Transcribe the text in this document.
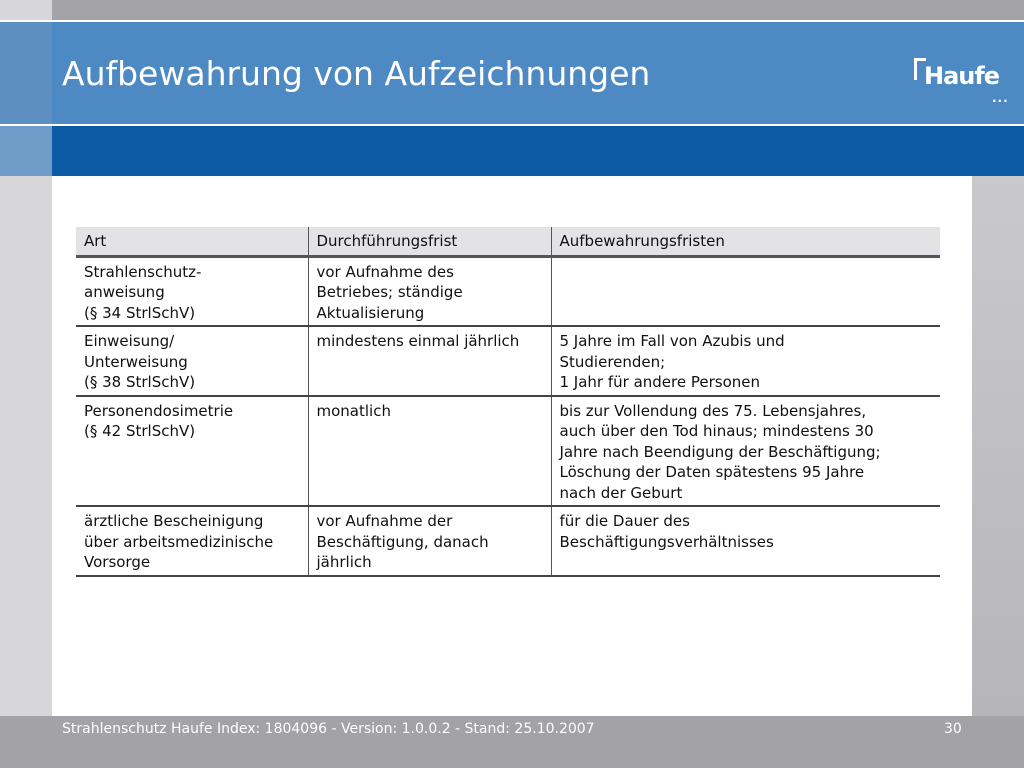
Aufbewahrung von Aufzeichnungen	Haufe
...
Art	Durchführungsfrist	Aufbewahrungsfristen

Strahlenschutz-
anweisung
(§ 34 StrlSchV)	vor Aufnahme des
Betriebes; ständige
Aktualisierung	

Einweisung/
Unterweisung
(§ 38 StrlSchV)	mindestens einmal jährlich	5 Jahre im Fall von Azubis und
Studierenden;
1 Jahr für andere Personen

Personendosimetrie
(§ 42 StrlSchV)	monatlich	bis zur Vollendung des 75. Lebensjahres,
auch über den Tod hinaus; mindestens 30
Jahre nach Beendigung der Beschäftigung;
Löschung der Daten spätestens 95 Jahre
nach der Geburt

ärztliche Bescheinigung
über arbeitsmedizinische
Vorsorge	vor Aufnahme der
Beschäftigung, danach
jährlich	für die Dauer des
Beschäftigungsverhältnisses
Strahlenschutz Haufe Index: 1804096 - Version: 1.0.0.2 - Stand: 25.10.2007	30
